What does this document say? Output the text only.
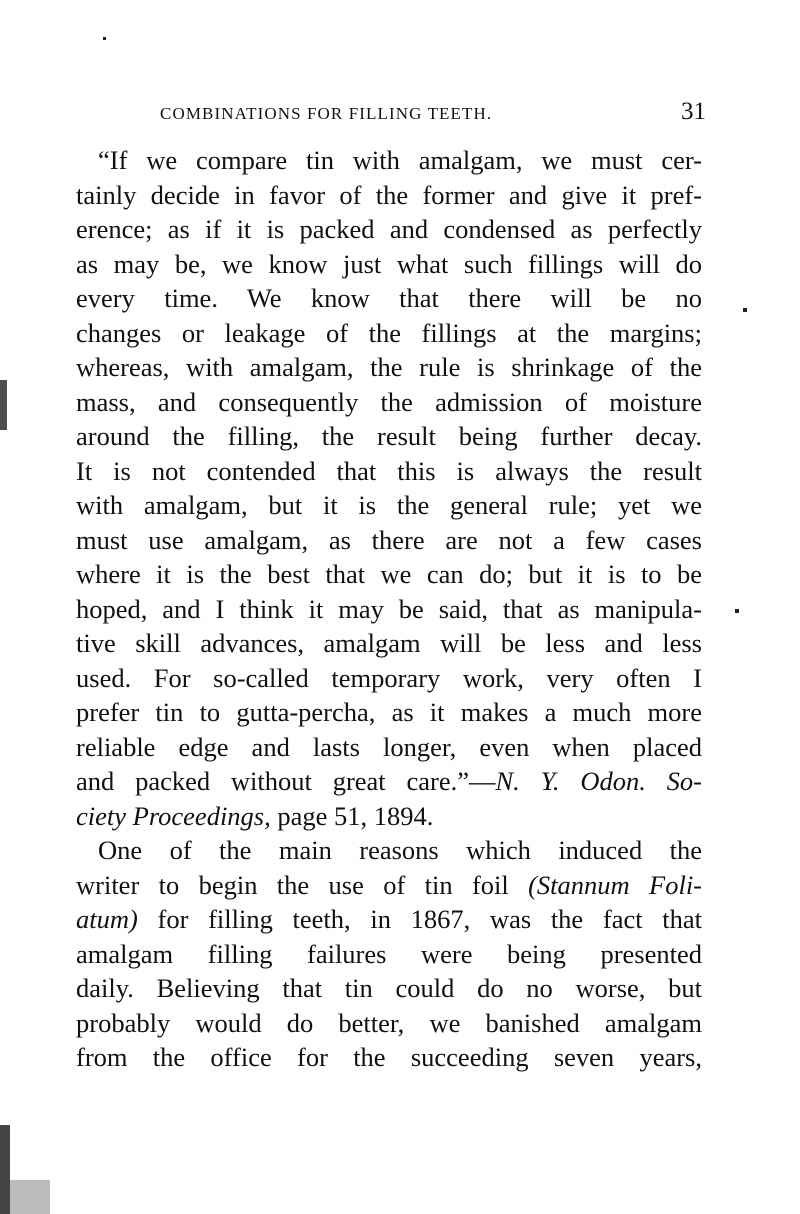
COMBINATIONS FOR FILLING TEETH.	31
“If we compare tin with amalgam, we must cer-
tainly decide in favor of the former and give it pref-
erence; as if it is packed and condensed as perfectly
as may be, we know just what such fillings will do
every time. We know that there will be no
changes or leakage of the fillings at the margins;
whereas, with amalgam, the rule is shrinkage of the
mass, and consequently the admission of moisture
around the filling, the result being further decay.
It is not contended that this is always the result
with amalgam, but it is the general rule; yet we
must use amalgam, as there are not a few cases
where it is the best that we can do; but it is to be
hoped, and I think it may be said, that as manipula-
tive skill advances, amalgam will be less and less
used. For so-called temporary work, very often I
prefer tin to gutta-percha, as it makes a much more
reliable edge and lasts longer, even when placed
and packed without great care.”—N. Y. Odon. So-
ciety Proceedings, page 51, 1894.
One of the main reasons which induced the
writer to begin the use of tin foil (Stannum Foli-
atum) for filling teeth, in 1867, was the fact that
amalgam filling failures were being presented
daily. Believing that tin could do no worse, but
probably would do better, we banished amalgam
from the office for the succeeding seven years,
